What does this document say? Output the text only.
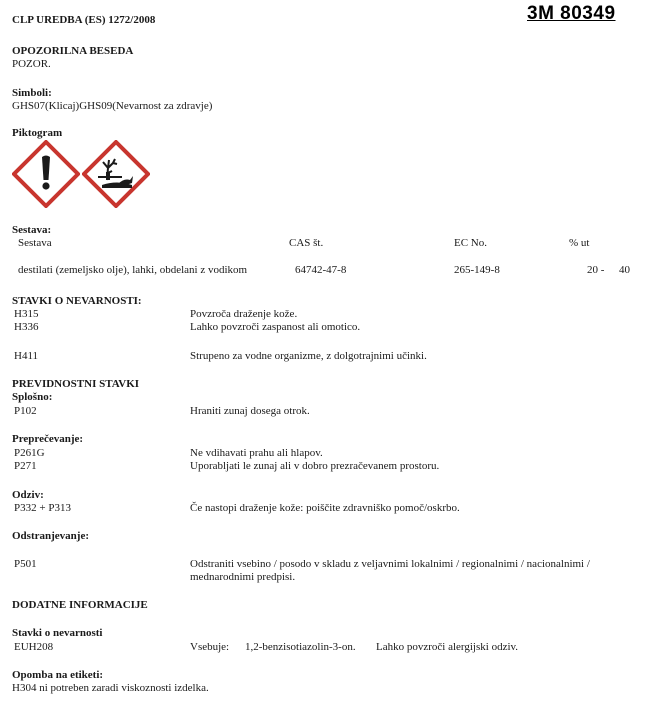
CLP UREDBA (ES) 1272/2008	3M 80349
OPOZORILNA BESEDA
POZOR.
Simboli:
GHS07(Klicaj)GHS09(Nevarnost za zdravje)
Piktogram
Sestava:
Sestava	CAS št.	EC No.	% ut
destilati (zemeljsko olje), lahki, obdelani z vodikom	64742-47-8	265-149-8	20 - 40
STAVKI O NEVARNOSTI:
H315	Povzroča draženje kože.
H336	Lahko povzroči zaspanost ali omotico.
H411	Strupeno za vodne organizme, z dolgotrajnimi učinki.
PREVIDNOSTNI STAVKI
Splošno:
P102	Hraniti zunaj dosega otrok.
Preprečevanje:
P261G	Ne vdihavati prahu ali hlapov.
P271	Uporabljati le zunaj ali v dobro prezračevanem prostoru.
Odziv:
P332 + P313	Če nastopi draženje kože: poiščite zdravniško pomoč/oskrbo.
Odstranjevanje:
P501	Odstraniti vsebino / posodo v skladu z veljavnimi lokalnimi / regionalnimi / nacionalnimi /
mednarodnimi predpisi.
DODATNE INFORMACIJE
Stavki o nevarnosti
EUH208	Vsebuje: 1,2-benzisotiazolin-3-on. Lahko povzroči alergijski odziv.
Opomba na etiketi:
H304 ni potreben zaradi viskoznosti izdelka.
